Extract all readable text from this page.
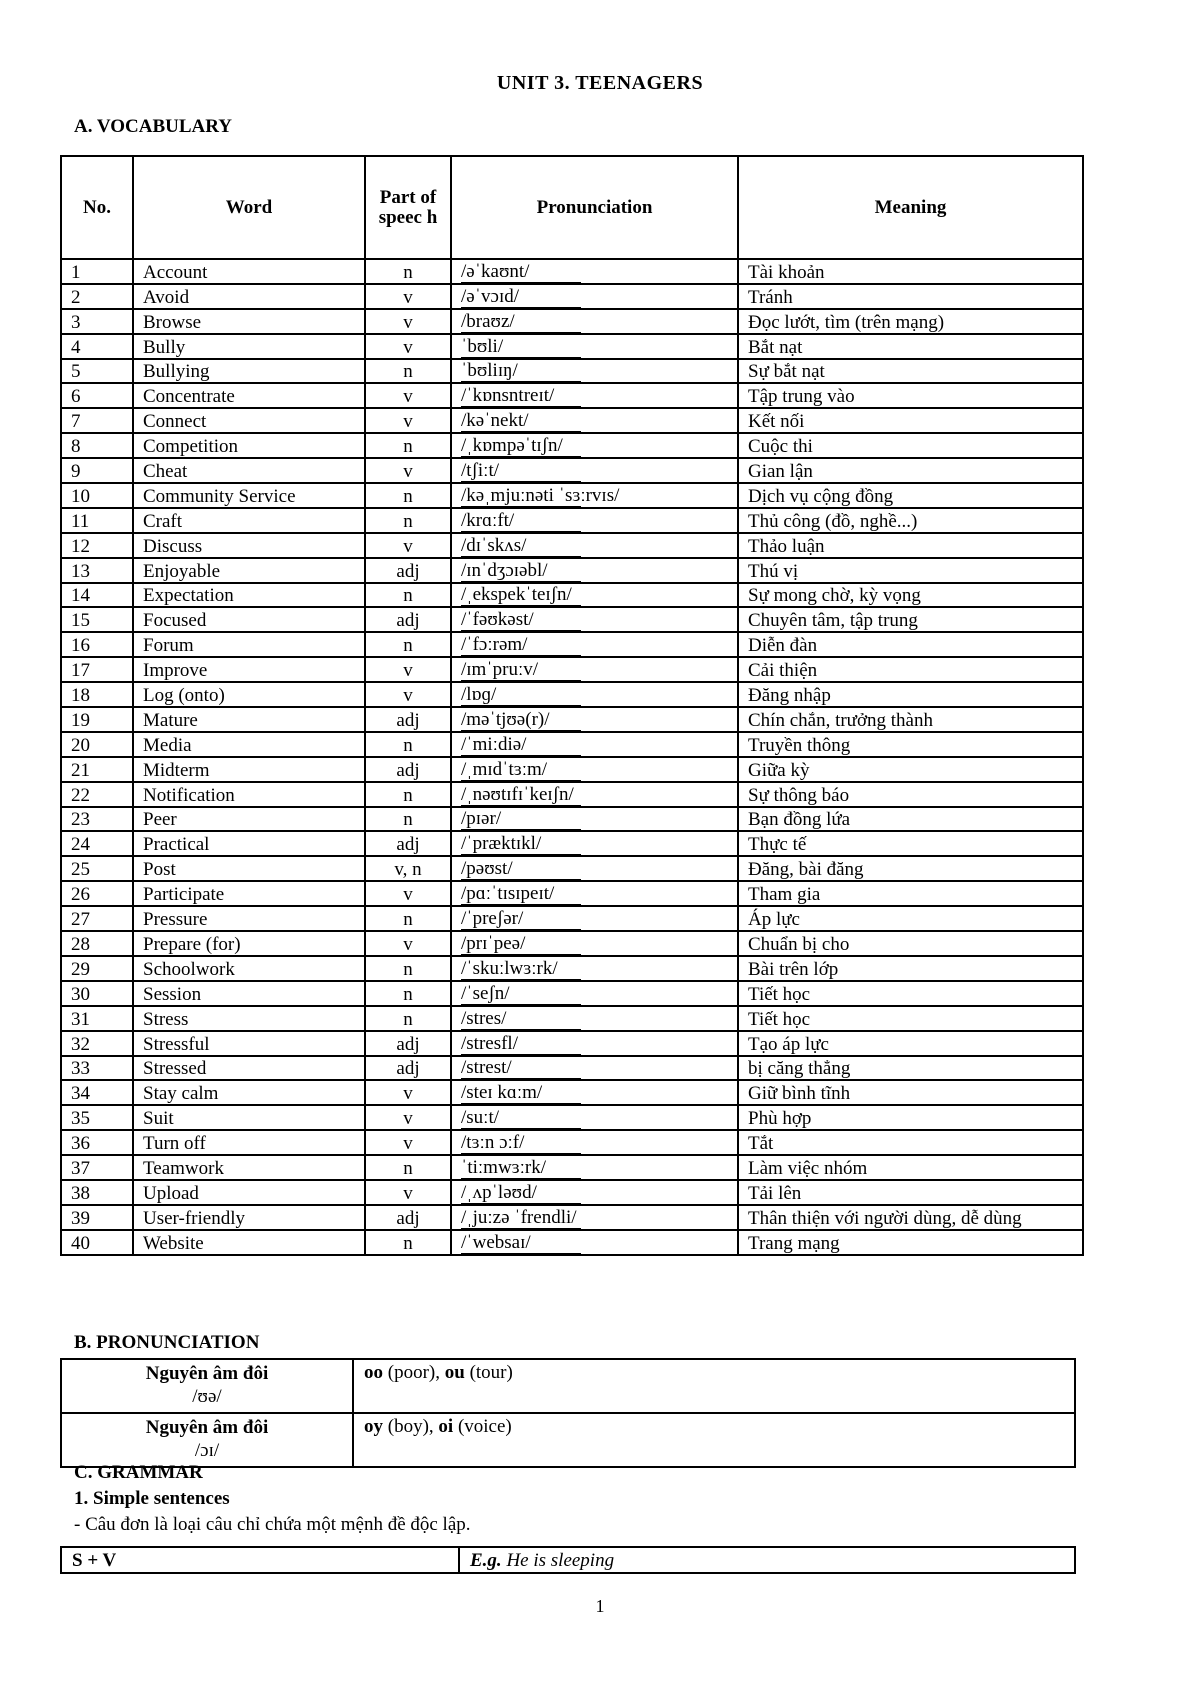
UNIT 3. TEENAGERS
A. VOCABULARY
No.	Word	Part of speec h	Pronunciation	Meaning
1	Account	n	/əˈkaʊnt/	Tài khoản
2	Avoid	v	/əˈvɔɪd/	Tránh
3	Browse	v	/braʊz/	Đọc lướt, tìm (trên mạng)
4	Bully	v	ˈbʊli/	Bắt nạt
5	Bullying	n	ˈbʊliɪŋ/	Sự bắt nạt
6	Concentrate	v	/ˈkɒnsntreɪt/	Tập trung vào
7	Connect	v	/kəˈnekt/	Kết nối
8	Competition	n	/ˌkɒmpəˈtɪʃn/	Cuộc thi
9	Cheat	v	/tʃiːt/	Gian lận
10	Community Service	n	/kəˌmjuːnəti ˈsɜːrvɪs/	Dịch vụ cộng đồng
11	Craft	n	/krɑːft/	Thủ công (đồ, nghề...)
12	Discuss	v	/dɪˈskʌs/	Thảo luận
13	Enjoyable	adj	/ɪnˈdʒɔɪəbl/	Thú vị
14	Expectation	n	/ˌekspekˈteɪʃn/	Sự mong chờ, kỳ vọng
15	Focused	adj	/ˈfəʊkəst/	Chuyên tâm, tập trung
16	Forum	n	/ˈfɔːrəm/	Diễn đàn
17	Improve	v	/ɪmˈpruːv/	Cải thiện
18	Log (onto)	v	/lɒɡ/	Đăng nhập
19	Mature	adj	/məˈtjʊə(r)/	Chín chắn, trưởng thành
20	Media	n	/ˈmiːdiə/	Truyền thông
21	Midterm	adj	/ˌmɪdˈtɜːm/	Giữa kỳ
22	Notification	n	/ˌnəʊtɪfɪˈkeɪʃn/	Sự thông báo
23	Peer	n	/pɪər/	Bạn đồng lứa
24	Practical	adj	/ˈpræktɪkl/	Thực tế
25	Post	v, n	/pəʊst/	Đăng, bài đăng
26	Participate	v	/pɑːˈtɪsɪpeɪt/	Tham gia
27	Pressure	n	/ˈpreʃər/	Áp lực
28	Prepare (for)	v	/prɪˈpeə/	Chuẩn bị cho
29	Schoolwork	n	/ˈskuːlwɜːrk/	Bài trên lớp
30	Session	n	/ˈseʃn/	Tiết học
31	Stress	n	/stres/	Tiết học
32	Stressful	adj	/stresfl/	Tạo áp lực
33	Stressed	adj	/strest/	bị căng thẳng
34	Stay calm	v	/steɪ kɑːm/	Giữ bình tĩnh
35	Suit	v	/suːt/	Phù hợp
36	Turn off	v	/tɜːn ɔːf/	Tắt
37	Teamwork	n	ˈtiːmwɜːrk/	Làm việc nhóm
38	Upload	v	/ˌʌpˈləʊd/	Tải lên
39	User-friendly	adj	/ˌjuːzə ˈfrendli/	Thân thiện với người dùng, dễ dùng
40	Website	n	/ˈwebsaɪ/	Trang mạng
B. PRONUNCIATION
Nguyên âm đôi
/ʊə/	oo (poor), ou (tour)

Nguyên âm đôi
/ɔɪ/	oy (boy), oi (voice)
C. GRAMMAR
1. Simple sentences
- Câu đơn là loại câu chỉ chứa một mệnh đề độc lập.
S + V	E.g. He is sleeping
1
